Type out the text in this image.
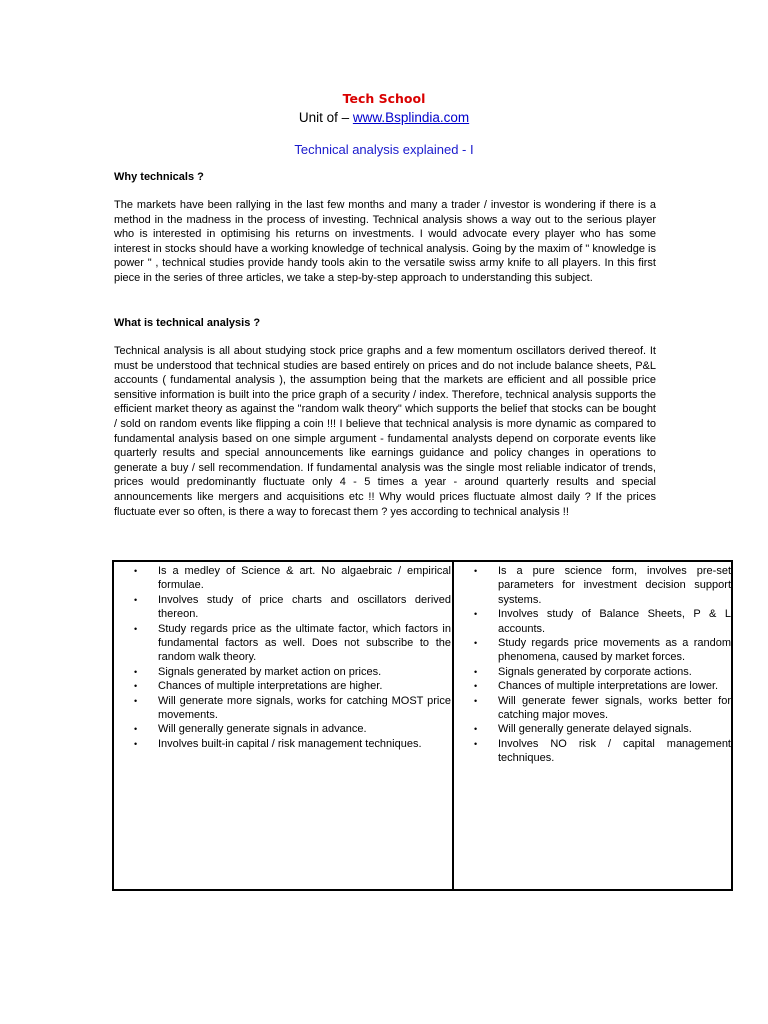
Tech School
Unit of – www.Bsplindia.com
Technical analysis explained - I
Why technicals ?

The markets have been rallying in the last few months and many a trader / investor is wondering if there is a method in the madness in the process of investing. Technical analysis shows a way out to the serious player who is interested in optimising his returns on investments. I would advocate every player who has some interest in stocks should have a working knowledge of technical analysis. Going by the maxim of " knowledge is power " , technical studies provide handy tools akin to the versatile swiss army knife to all players. In this first piece in the series of three articles, we take a step-by-step approach to understanding this subject.

What is technical analysis ?

Technical analysis is all about studying stock price graphs and a few momentum oscillators derived thereof. It must be understood that technical studies are based entirely on prices and do not include balance sheets, P&L accounts ( fundamental analysis ), the assumption being that the markets are efficient and all possible price sensitive information is built into the price graph of a security / index. Therefore, technical analysis supports the efficient market theory as against the "random walk theory" which supports the belief that stocks can be bought / sold on random events like flipping a coin !!! I believe that technical analysis is more dynamic as compared to fundamental analysis based on one simple argument - fundamental analysts depend on corporate events like quarterly results and special announcements like earnings guidance and policy changes in operations to generate a buy / sell recommendation. If fundamental analysis was the single most reliable indicator of trends, prices would predominantly fluctuate only 4 - 5 times a year - around quarterly results and special announcements like mergers and acquisitions etc !! Why would prices fluctuate almost daily ? If the prices fluctuate ever so often, is there a way to forecast them ? yes according to technical analysis !!

• Is a medley of Science & art. No algaebraic / empirical formulae.
• Involves study of price charts and oscillators derived thereon.
• Study regards price as the ultimate factor, which factors in fundamental factors as well. Does not subscribe to the random walk theory.
• Signals generated by market action on prices.
• Chances of multiple interpretations are higher.
• Will generate more signals, works for catching MOST price movements.
• Will generally generate signals in advance.
• Involves built-in capital / risk management techniques.
• Is a pure science form, involves pre-set parameters for investment decision support systems.
• Involves study of Balance Sheets, P & L accounts.
• Study regards price movements as a random phenomena, caused by market forces.
• Signals generated by corporate actions.
• Chances of multiple interpretations are lower.
• Will generate fewer signals, works better for catching major moves.
• Will generally generate delayed signals.
• Involves NO risk / capital management techniques.
